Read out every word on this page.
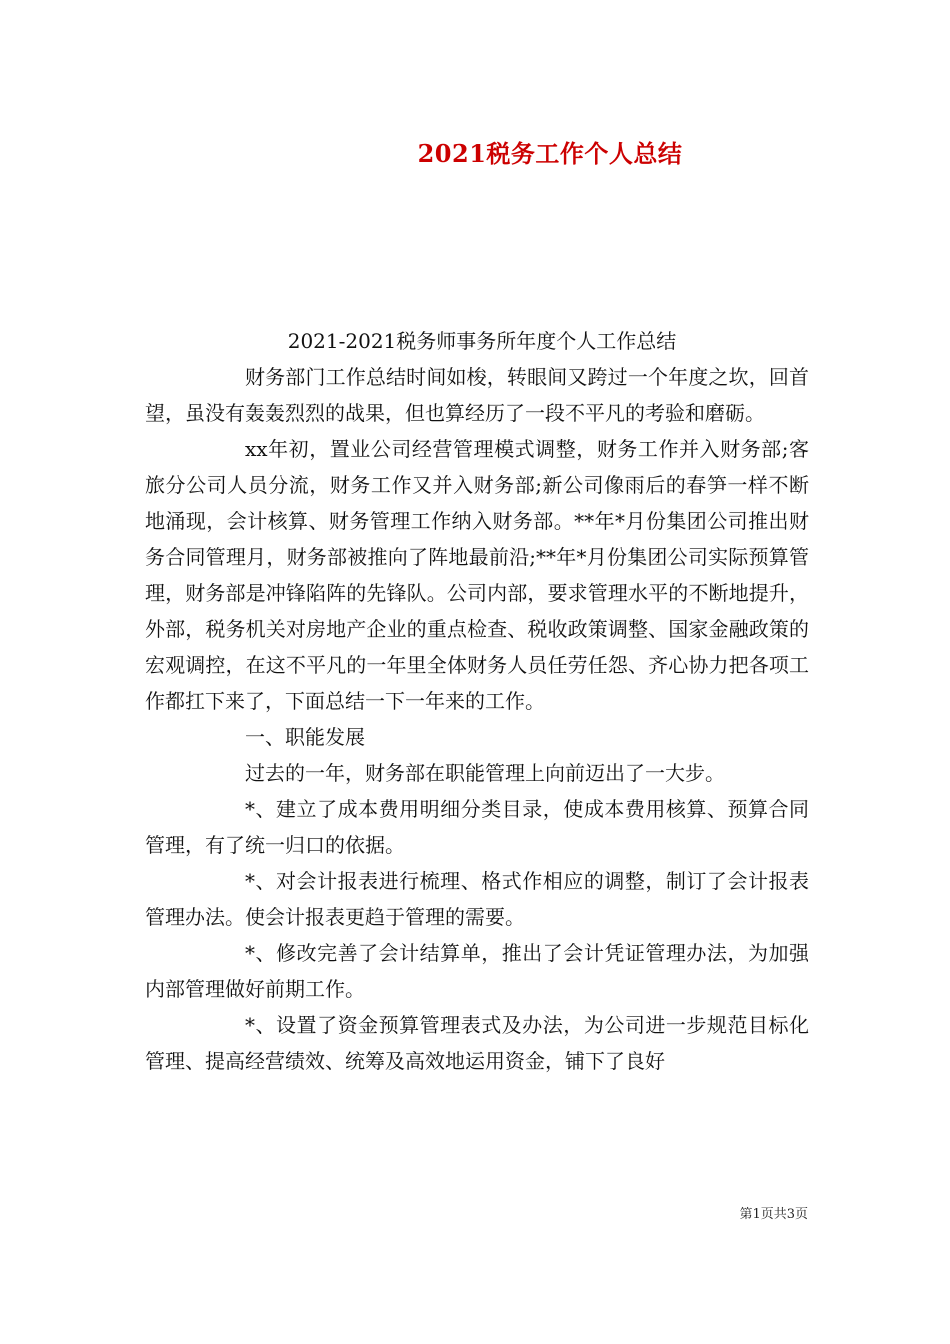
2021税务工作个人总结

2021-2021税务师事务所年度个人工作总结

财务部门工作总结时间如梭，转眼间又跨过一个年度之坎，回首望，虽没有轰轰烈烈的战果，但也算经历了一段不平凡的考验和磨砺。

xx年初，置业公司经营管理模式调整，财务工作并入财务部;客旅分公司人员分流，财务工作又并入财务部;新公司像雨后的春笋一样不断地涌现，会计核算、财务管理工作纳入财务部。**年*月份集团公司推出财务合同管理月，财务部被推向了阵地最前沿;**年*月份集团公司实际预算管理，财务部是冲锋陷阵的先锋队。公司内部，要求管理水平的不断地提升，外部，税务机关对房地产企业的重点检查、税收政策调整、国家金融政策的宏观调控，在这不平凡的一年里全体财务人员任劳任怨、齐心协力把各项工作都扛下来了，下面总结一下一年来的工作。

一、职能发展

过去的一年，财务部在职能管理上向前迈出了一大步。

*、建立了成本费用明细分类目录，使成本费用核算、预算合同管理，有了统一归口的依据。

*、对会计报表进行梳理、格式作相应的调整，制订了会计报表管理办法。使会计报表更趋于管理的需要。

*、修改完善了会计结算单，推出了会计凭证管理办法，为加强内部管理做好前期工作。

*、设置了资金预算管理表式及办法，为公司进一步规范目标化管理、提高经营绩效、统筹及高效地运用资金，铺下了良好

第1页共3页
